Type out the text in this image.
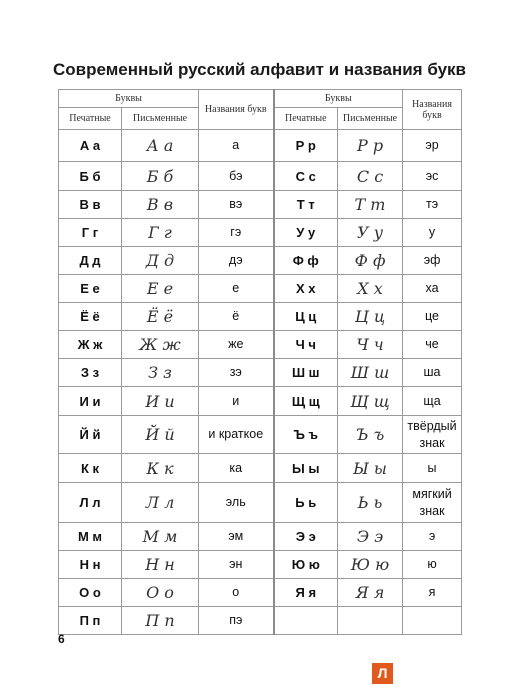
Современный русский алфавит и названия букв
Буквы		Названия букв	Буквы		Названия букв
Печатные	Письменные		Печатные	Письменные	
А а	А а	а	Р р	Р р	эр
Б б	Б б	бэ	С с	С с	эс
В в	В в	вэ	Т т	Т т	тэ
Г г	Г г	гэ	У у	У у	у
Д д	Д д	дэ	Ф ф	Ф ф	эф
Е е	Е е	е	Х х	Х х	ха
Ё ё	Ё ё	ё	Ц ц	Ц ц	це
Ж ж	Ж ж	же	Ч ч	Ч ч	че
З з	З з	зэ	Ш ш	Ш ш	ша
И и	И и	и	Щ щ	Щ щ	ща
Й й	Й й	и краткое	Ъ ъ	Ъ ъ	твёрдый знак
К к	К к	ка	Ы ы	Ы ы	ы
Л л	Л л	эль	Ь ь	Ь ь	мягкий знак
М м	М м	эм	Э э	Э э	э
Н н	Н н	эн	Ю ю	Ю ю	ю
О о	О о	о	Я я	Я я	я
П п	П п	пэ			
6
Л
